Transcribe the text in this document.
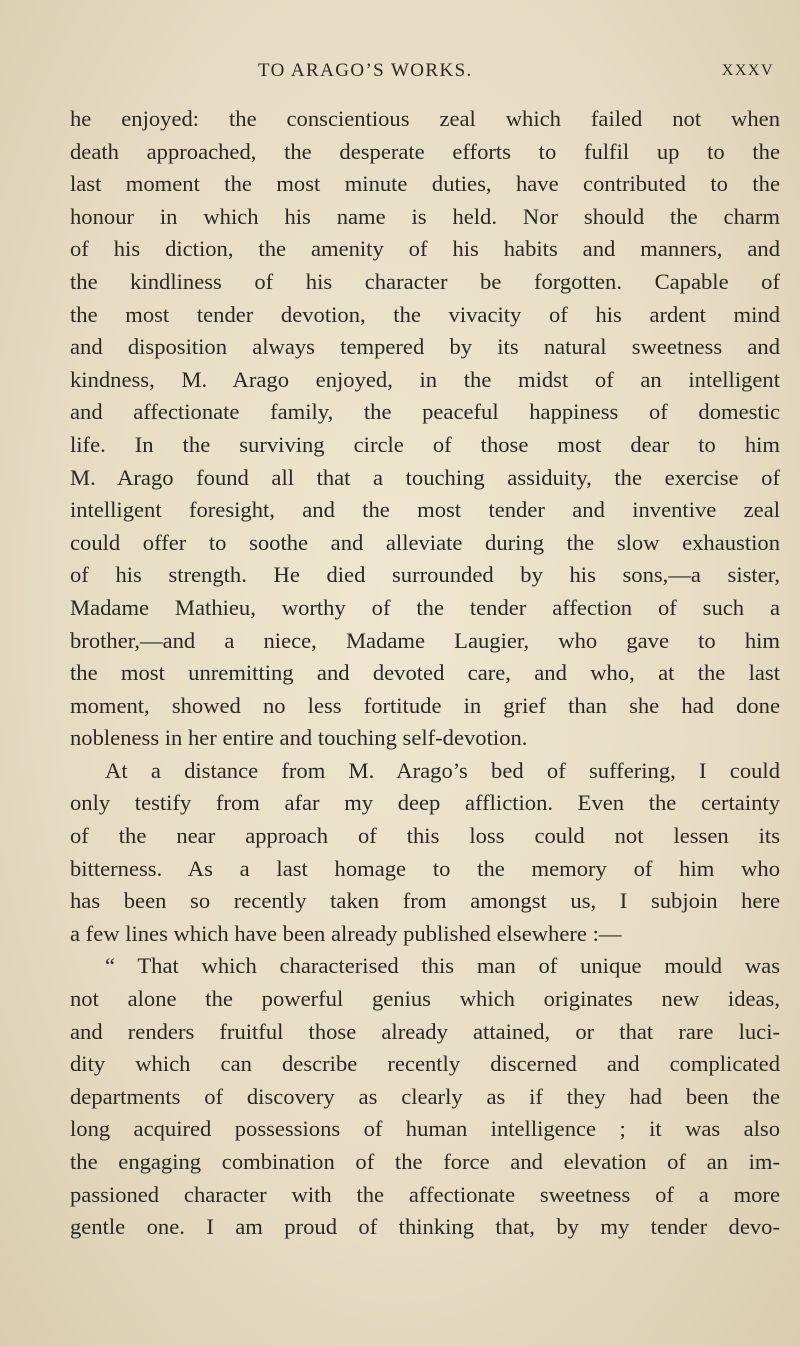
TO ARAGO’S WORKS.	XXXV
he enjoyed: the conscientious zeal which failed not when
death approached, the desperate efforts to fulfil up to the
last moment the most minute duties, have contributed to the
honour in which his name is held. Nor should the charm
of his diction, the amenity of his habits and manners, and
the kindliness of his character be forgotten. Capable of
the most tender devotion, the vivacity of his ardent mind
and disposition always tempered by its natural sweetness and
kindness, M. Arago enjoyed, in the midst of an intelligent
and affectionate family, the peaceful happiness of domestic
life. In the surviving circle of those most dear to him
M. Arago found all that a touching assiduity, the exercise of
intelligent foresight, and the most tender and inventive zeal
could offer to soothe and alleviate during the slow exhaustion
of his strength. He died surrounded by his sons,—a sister,
Madame Mathieu, worthy of the tender affection of such a
brother,—and a niece, Madame Laugier, who gave to him
the most unremitting and devoted care, and who, at the last
moment, showed no less fortitude in grief than she had done
nobleness in her entire and touching self-devotion.
At a distance from M. Arago’s bed of suffering, I could
only testify from afar my deep affliction. Even the certainty
of the near approach of this loss could not lessen its
bitterness. As a last homage to the memory of him who
has been so recently taken from amongst us, I subjoin here
a few lines which have been already published elsewhere :—
“ That which characterised this man of unique mould was
not alone the powerful genius which originates new ideas,
and renders fruitful those already attained, or that rare luci-
dity which can describe recently discerned and complicated
departments of discovery as clearly as if they had been the
long acquired possessions of human intelligence ; it was also
the engaging combination of the force and elevation of an im-
passioned character with the affectionate sweetness of a more
gentle one. I am proud of thinking that, by my tender devo-
